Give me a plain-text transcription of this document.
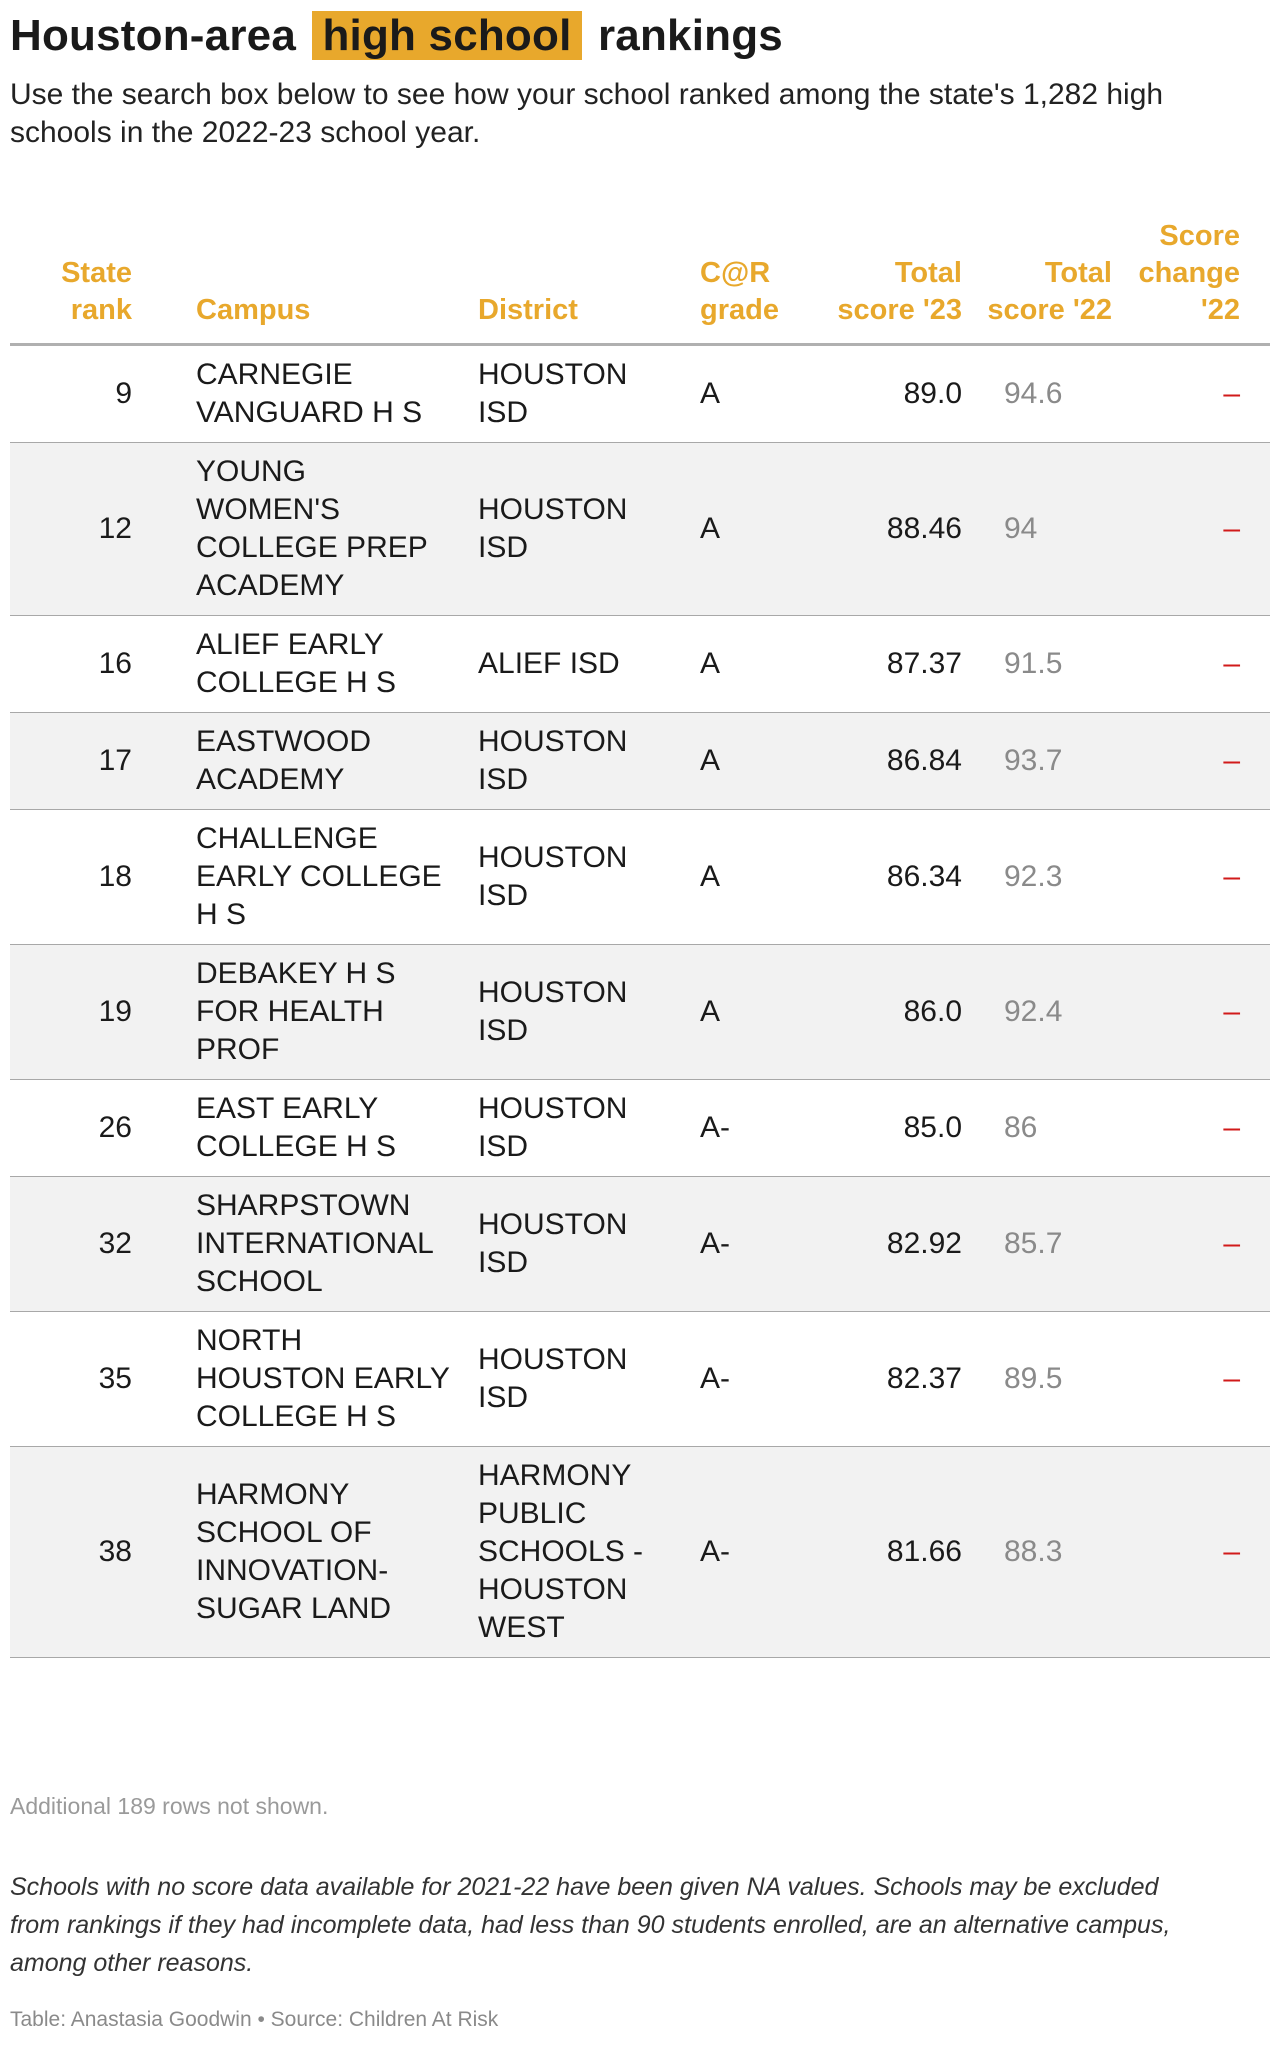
Houston-area high school rankings
Use the search box below to see how your school ranked among the state's 1,282 high schools in the 2022-23 school year.
State rank	Campus	District	C@R grade	Total score '23	Total score '22	Score change '22
9	CARNEGIE VANGUARD H S	HOUSTON ISD	A	89.0	94.6	–
12	YOUNG WOMEN'S COLLEGE PREP ACADEMY	HOUSTON ISD	A	88.46	94	–
16	ALIEF EARLY COLLEGE H S	ALIEF ISD	A	87.37	91.5	–
17	EASTWOOD ACADEMY	HOUSTON ISD	A	86.84	93.7	–
18	CHALLENGE EARLY COLLEGE H S	HOUSTON ISD	A	86.34	92.3	–
19	DEBAKEY H S FOR HEALTH PROF	HOUSTON ISD	A	86.0	92.4	–
26	EAST EARLY COLLEGE H S	HOUSTON ISD	A-	85.0	86	–
32	SHARPSTOWN INTERNATIONAL SCHOOL	HOUSTON ISD	A-	82.92	85.7	–
35	NORTH HOUSTON EARLY COLLEGE H S	HOUSTON ISD	A-	82.37	89.5	–
38	HARMONY SCHOOL OF INNOVATION-SUGAR LAND	HARMONY PUBLIC SCHOOLS - HOUSTON WEST	A-	81.66	88.3	–
Additional 189 rows not shown.
Schools with no score data available for 2021-22 have been given NA values. Schools may be excluded from rankings if they had incomplete data, had less than 90 students enrolled, are an alternative campus, among other reasons.
Table: Anastasia Goodwin • Source: Children At Risk
